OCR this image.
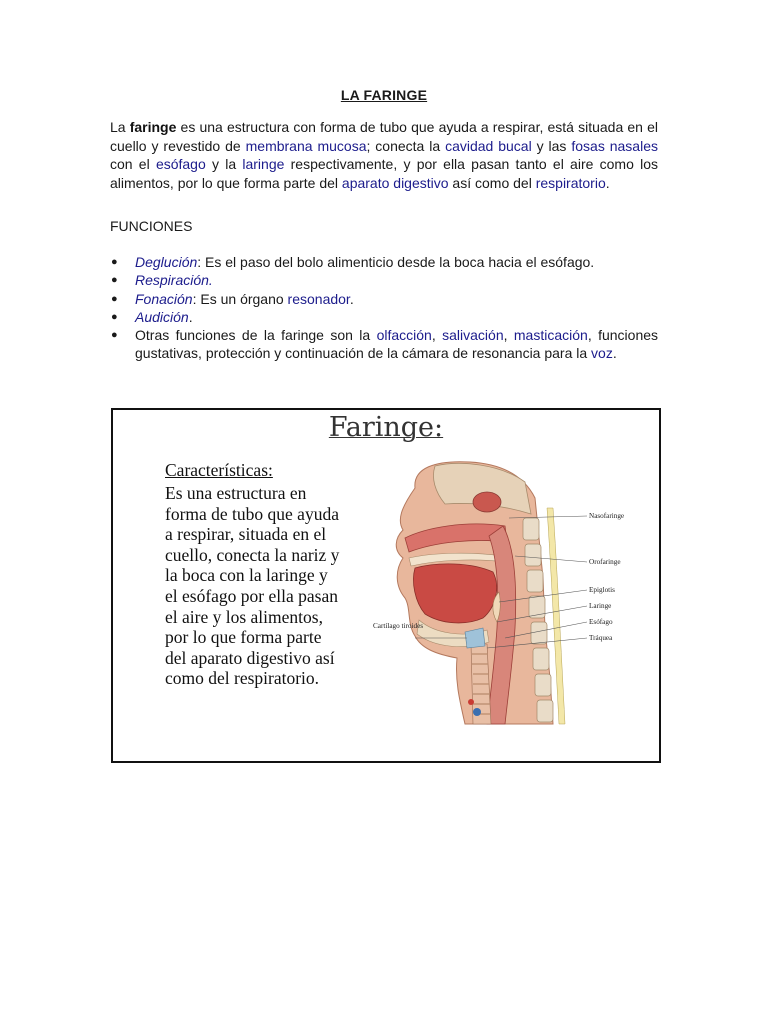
LA FARINGE

La faringe es una estructura con forma de tubo que ayuda a respirar, está situada en el cuello y revestido de membrana mucosa; conecta la cavidad bucal y las fosas nasales con el esófago y la laringe respectivamente, y por ella pasan tanto el aire como los alimentos, por lo que forma parte del aparato digestivo así como del respiratorio.

FUNCIONES
● Deglución: Es el paso del bolo alimenticio desde la boca hacia el esófago.
● Respiración.
● Fonación: Es un órgano resonador.
● Audición.
● Otras funciones de la faringe son la olfacción, salivación, masticación, funciones gustativas, protección y continuación de la cámara de resonancia para la voz.
Faringe:
Características:
Es una estructura en
forma de tubo que ayuda
a respirar, situada en el
cuello, conecta la nariz y
la boca con la laringe y
el esófago por ella pasan
el aire y los alimentos,
por lo que forma parte
del aparato digestivo así
como del respiratorio.
Nasofaringe
Orofaringe
Epiglotis
Laringe
Esófago
Tráquea
Cartílago tiroides
